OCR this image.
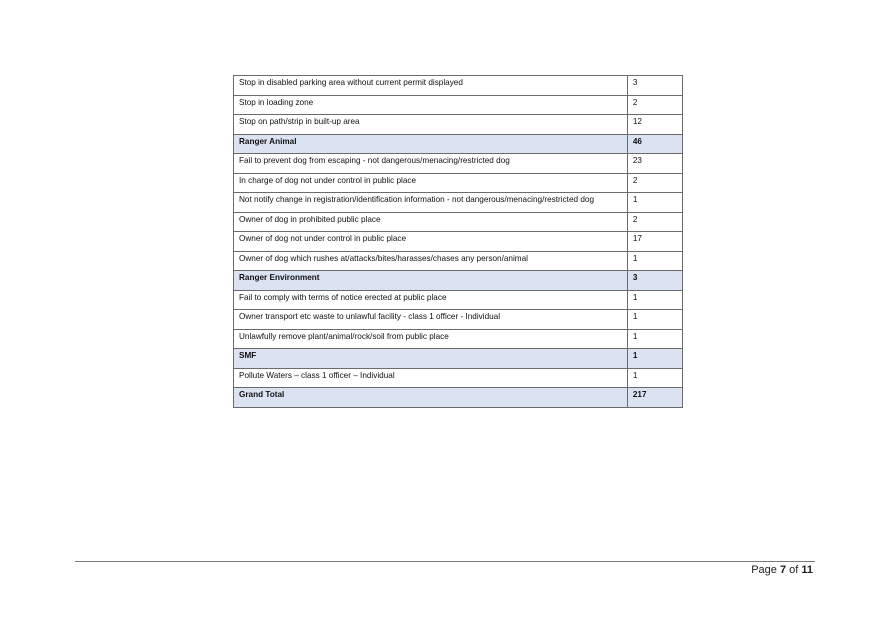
Stop in disabled parking area without current permit displayed	3
Stop in loading zone	2
Stop on path/strip in built-up area	12
Ranger Animal	46
Fail to prevent dog from escaping - not dangerous/menacing/restricted dog	23
In charge of dog not under control in public place	2
Not notify change in registration/identification information - not dangerous/menacing/restricted dog	1
Owner of dog in prohibited public place	2
Owner of dog not under control in public place	17
Owner of dog which rushes at/attacks/bites/harasses/chases any person/animal	1
Ranger Environment	3
Fail to comply with terms of notice erected at public place	1
Owner transport etc waste to unlawful facility - class 1 officer - Individual	1
Unlawfully remove plant/animal/rock/soil from public place	1
SMF	1
Pollute Waters – class 1 officer – Individual	1
Grand Total	217
Page 7 of 11
